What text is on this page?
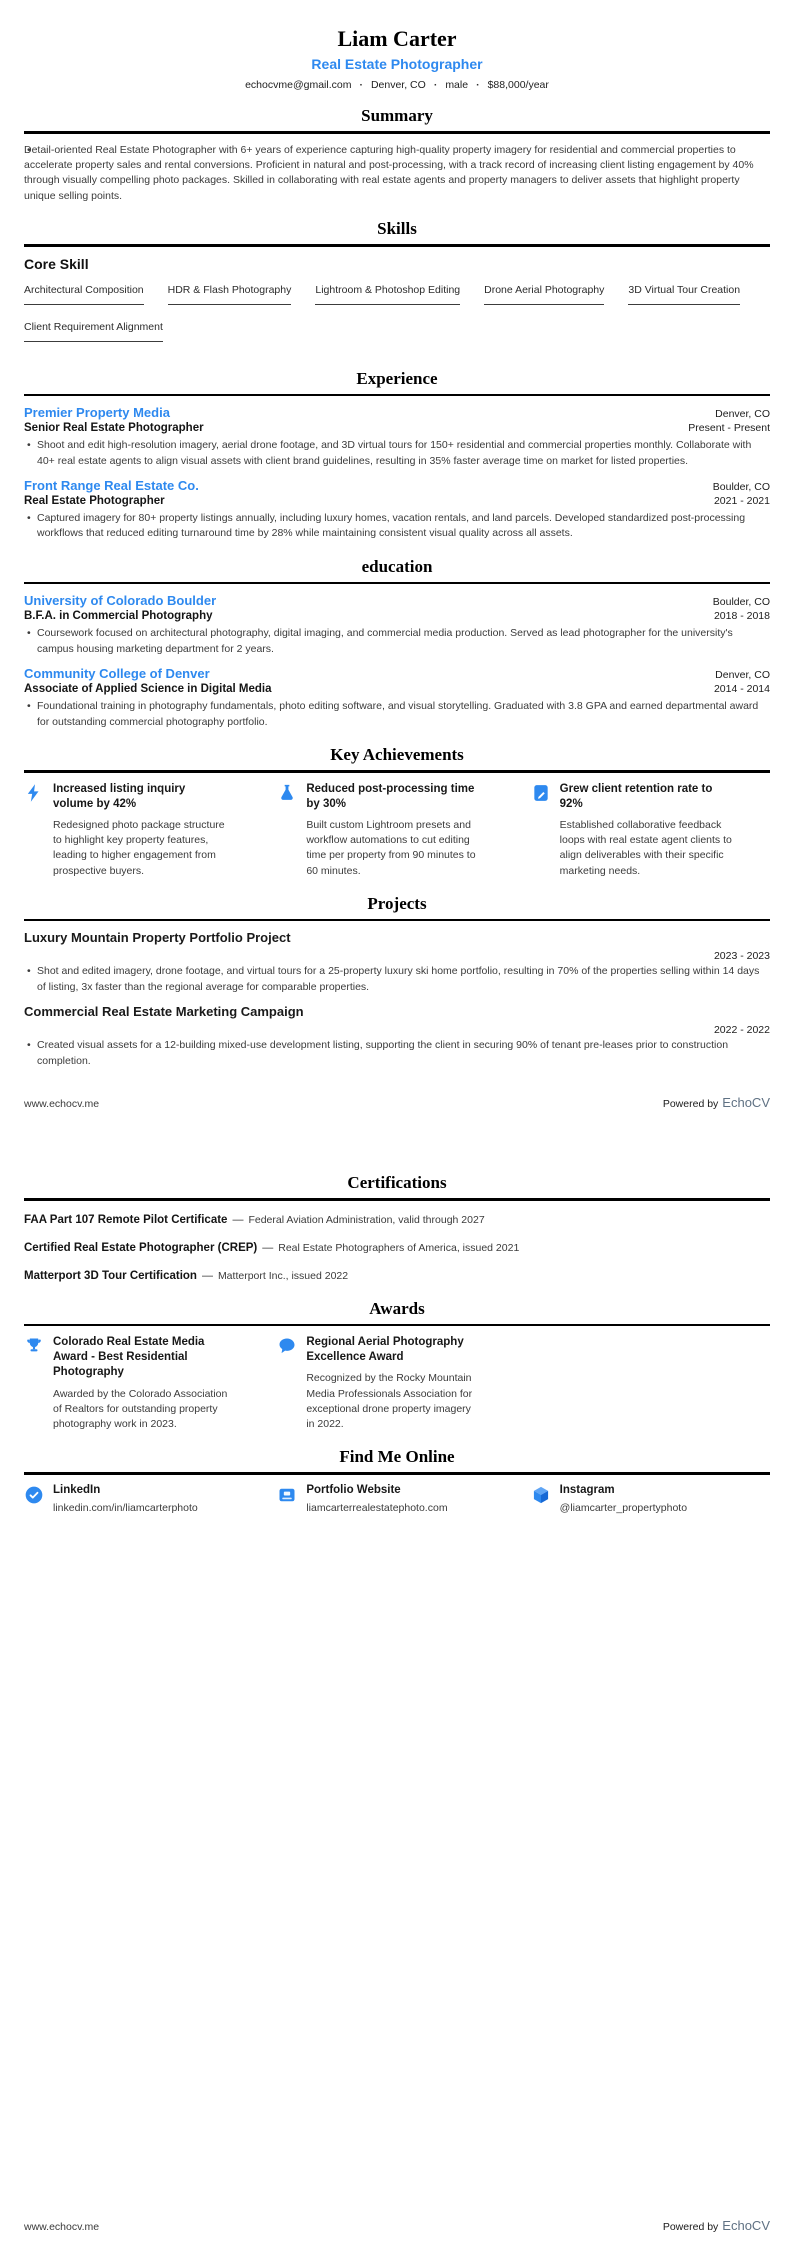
Liam Carter
Real Estate Photographer
echocvme@gmail.com · Denver, CO · male · $88,000/year
Summary
• Detail-oriented Real Estate Photographer with 6+ years of experience capturing high-quality property imagery for residential and commercial properties to accelerate property sales and rental conversions. Proficient in natural and post-processing, with a track record of increasing client listing engagement by 40% through visually compelling photo packages. Skilled in collaborating with real estate agents and property managers to deliver assets that highlight property unique selling points.
Skills
Core Skill
Architectural Composition HDR & Flash Photography Lightroom & Photoshop Editing Drone Aerial Photography 3D Virtual Tour CreationClient Requirement Alignment
Experience
Premier Property Media	Denver, CO
Senior Real Estate Photographer	Present - Present
• Shoot and edit high-resolution imagery, aerial drone footage, and 3D virtual tours for 150+ residential and commercial properties monthly. Collaborate with 40+ real estate agents to align visual assets with client brand guidelines, resulting in 35% faster average time on market for listed properties.
Front Range Real Estate Co.	Boulder, CO
Real Estate Photographer	2021 - 2021
• Captured imagery for 80+ property listings annually, including luxury homes, vacation rentals, and land parcels. Developed standardized post-processing workflows that reduced editing turnaround time by 28% while maintaining consistent visual quality across all assets.
education
University of Colorado Boulder	Boulder, CO
B.F.A. in Commercial Photography	2018 - 2018
• Coursework focused on architectural photography, digital imaging, and commercial media production. Served as lead photographer for the university's campus housing marketing department for 2 years.
Community College of Denver	Denver, CO
Associate of Applied Science in Digital Media	2014 - 2014
• Foundational training in photography fundamentals, photo editing software, and visual storytelling. Graduated with 3.8 GPA and earned departmental award for outstanding commercial photography portfolio.
Key Achievements
Increased listing inquiry volume by 42%
Redesigned photo package structure to highlight key property features, leading to higher engagement from prospective buyers.
Reduced post-processing time by 30%
Built custom Lightroom presets and workflow automations to cut editing time per property from 90 minutes to 60 minutes.
Grew client retention rate to 92%
Established collaborative feedback loops with real estate agent clients to align deliverables with their specific marketing needs.
Projects
Luxury Mountain Property Portfolio Project
2023 - 2023
• Shot and edited imagery, drone footage, and virtual tours for a 25-property luxury ski home portfolio, resulting in 70% of the properties selling within 14 days of listing, 3x faster than the regional average for comparable properties.
Commercial Real Estate Marketing Campaign
2022 - 2022
• Created visual assets for a 12-building mixed-use development listing, supporting the client in securing 90% of tenant pre-leases prior to construction completion.
www.echocv.me	Powered by EchoCV
Certifications
FAA Part 107 Remote Pilot Certificate — Federal Aviation Administration, valid through 2027
Certified Real Estate Photographer (CREP) — Real Estate Photographers of America, issued 2021
Matterport 3D Tour Certification — Matterport Inc., issued 2022
Awards
Colorado Real Estate Media Award - Best Residential Photography
Awarded by the Colorado Association of Realtors for outstanding property photography work in 2023.
Regional Aerial Photography Excellence Award
Recognized by the Rocky Mountain Media Professionals Association for exceptional drone property imagery in 2022.
Find Me Online
LinkedIn
linkedin.com/in/liamcarterphoto
Portfolio Website
liamcarterrealestatephoto.com
Instagram
@liamcarter_propertyphoto
www.echocv.me	Powered by EchoCV
